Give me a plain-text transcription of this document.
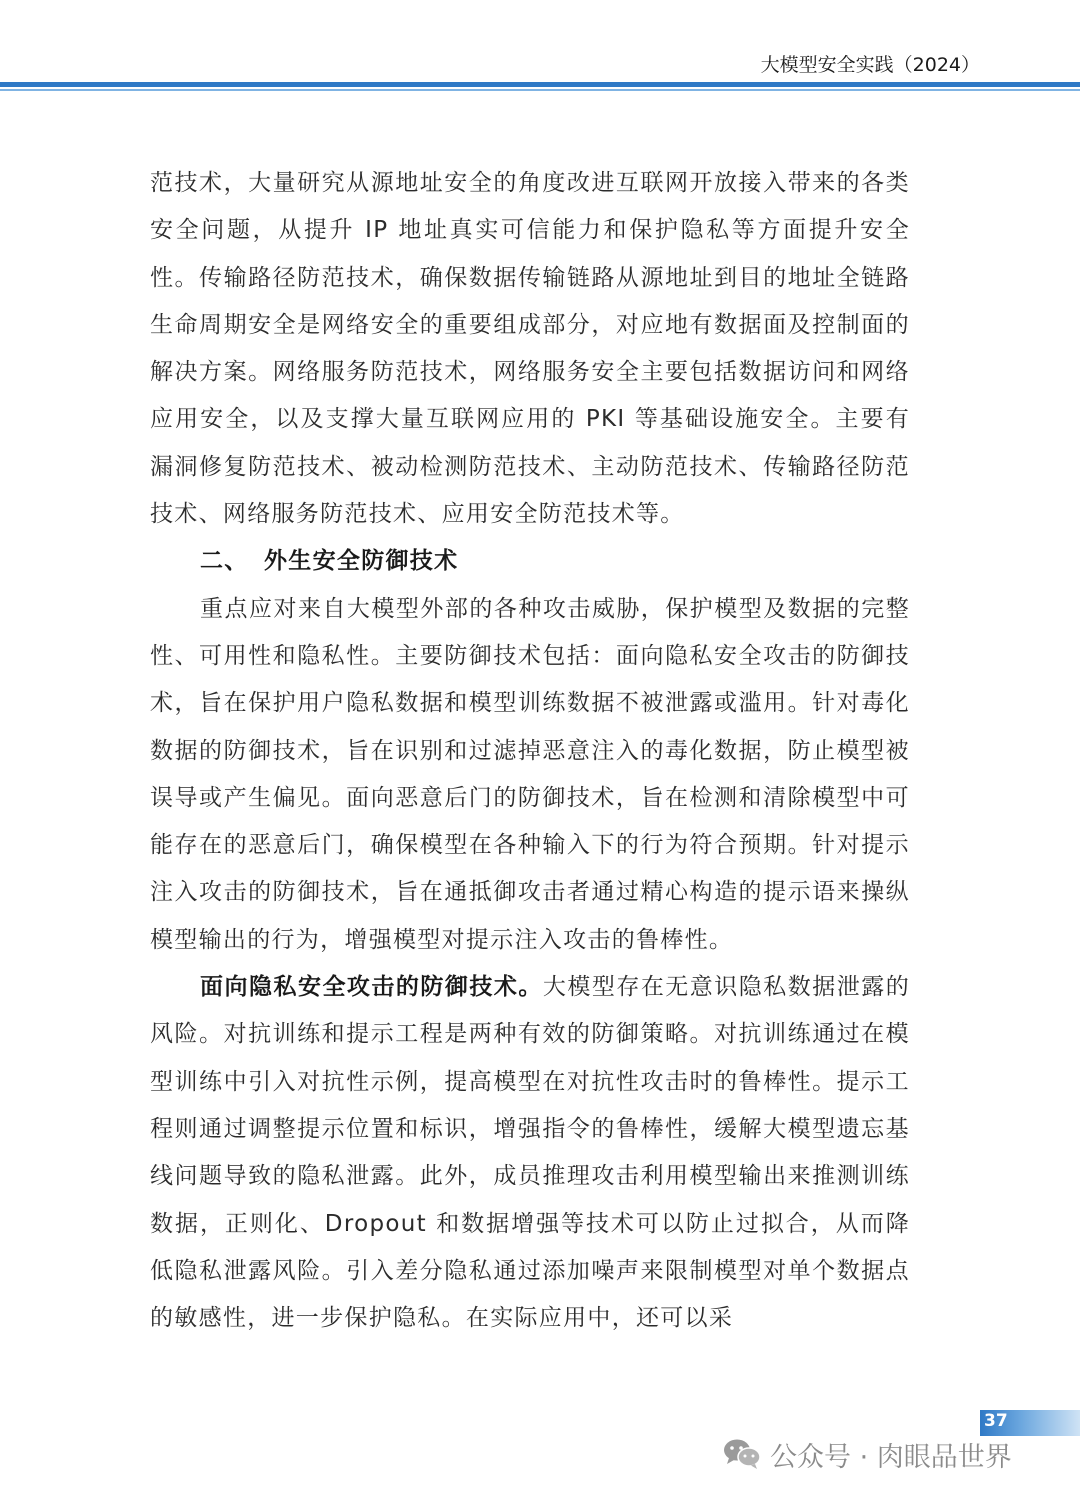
大模型安全实践（2024）

范技术，大量研究从源地址安全的角度改进互联网开放接入带来的各类安全问题，从提升 IP 地址真实可信能力和保护隐私等方面提升安全性。传输路径防范技术，确保数据传输链路从源地址到目的地址全链路生命周期安全是网络安全的重要组成部分，对应地有数据面及控制面的解决方案。网络服务防范技术，网络服务安全主要包括数据访问和网络应用安全，以及支撑大量互联网应用的 PKI 等基础设施安全。主要有漏洞修复防范技术、被动检测防范技术、主动防范技术、传输路径防范技术、网络服务防范技术、应用安全防范技术等。

二、 外生安全防御技术

重点应对来自大模型外部的各种攻击威胁，保护模型及数据的完整性、可用性和隐私性。主要防御技术包括：面向隐私安全攻击的防御技术，旨在保护用户隐私数据和模型训练数据不被泄露或滥用。针对毒化数据的防御技术，旨在识别和过滤掉恶意注入的毒化数据，防止模型被误导或产生偏见。面向恶意后门的防御技术，旨在检测和清除模型中可能存在的恶意后门，确保模型在各种输入下的行为符合预期。针对提示注入攻击的防御技术，旨在通抵御攻击者通过精心构造的提示语来操纵模型输出的行为，增强模型对提示注入攻击的鲁棒性。

面向隐私安全攻击的防御技术。大模型存在无意识隐私数据泄露的风险。对抗训练和提示工程是两种有效的防御策略。对抗训练通过在模型训练中引入对抗性示例，提高模型在对抗性攻击时的鲁棒性。提示工程则通过调整提示位置和标识，增强指令的鲁棒性，缓解大模型遗忘基线问题导致的隐私泄露。此外，成员推理攻击利用模型输出来推测训练数据，正则化、Dropout 和数据增强等技术可以防止过拟合，从而降低隐私泄露风险。引入差分隐私通过添加噪声来限制模型对单个数据点的敏感性，进一步保护隐私。在实际应用中，还可以采

37
公众号 · 肉眼品世界
